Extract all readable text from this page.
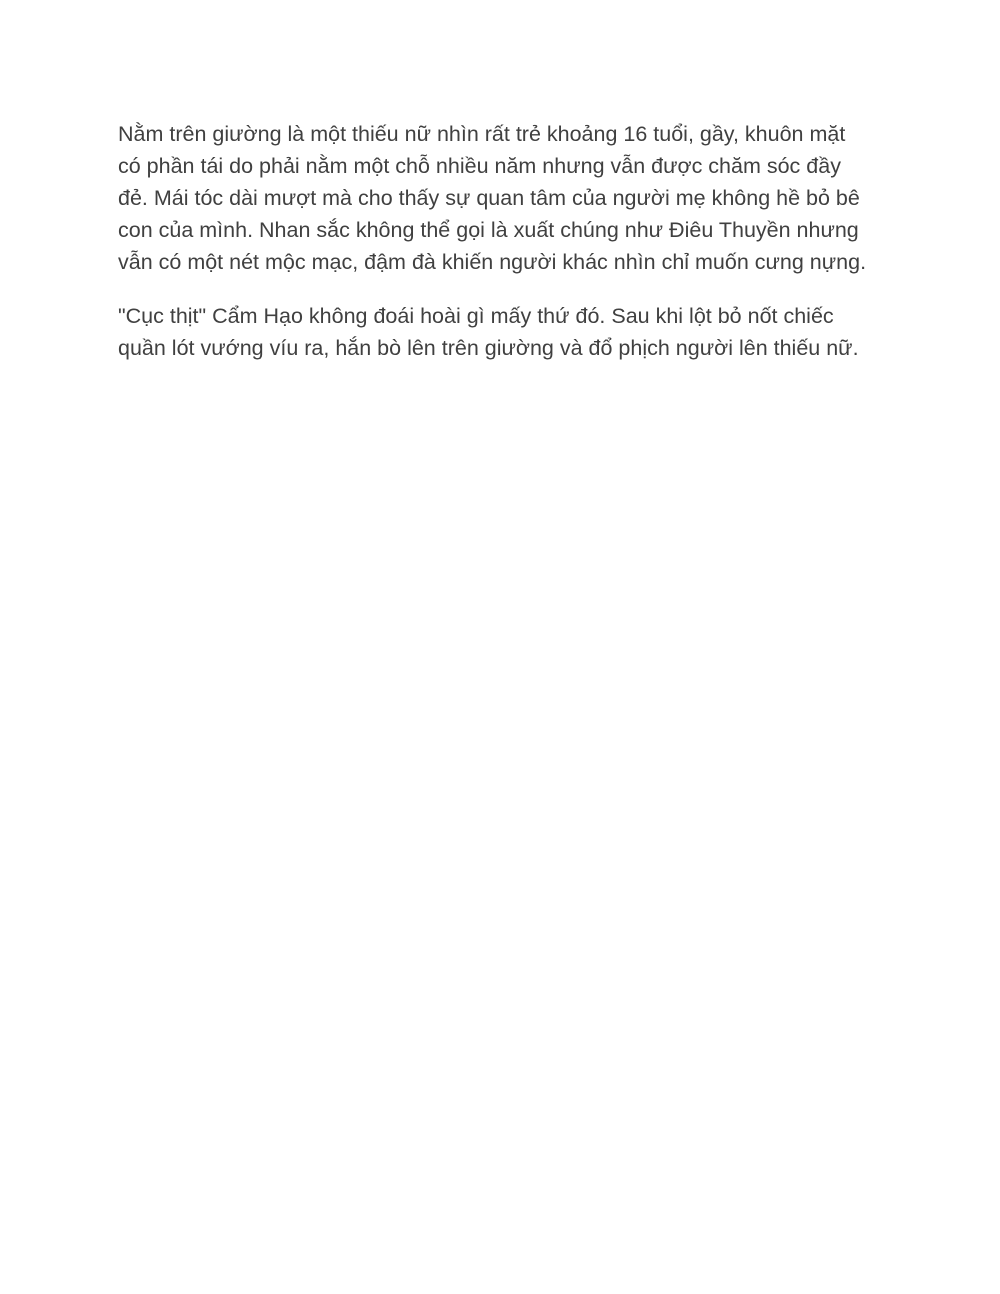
Nằm trên giường là một thiếu nữ nhìn rất trẻ khoảng 16 tuổi, gầy, khuôn mặt
có phần tái do phải nằm một chỗ nhiều năm nhưng vẫn được chăm sóc đầy
đẻ. Mái tóc dài mượt mà cho thấy sự quan tâm của người mẹ không hề bỏ bê
con của mình. Nhan sắc không thể gọi là xuất chúng như Điêu Thuyền nhưng
vẫn có một nét mộc mạc, đậm đà khiến người khác nhìn chỉ muốn cưng nựng.

"Cục thịt" Cẩm Hạo không đoái hoài gì mấy thứ đó. Sau khi lột bỏ nốt chiếc
quần lót vướng víu ra, hắn bò lên trên giường và đổ phịch người lên thiếu nữ.
